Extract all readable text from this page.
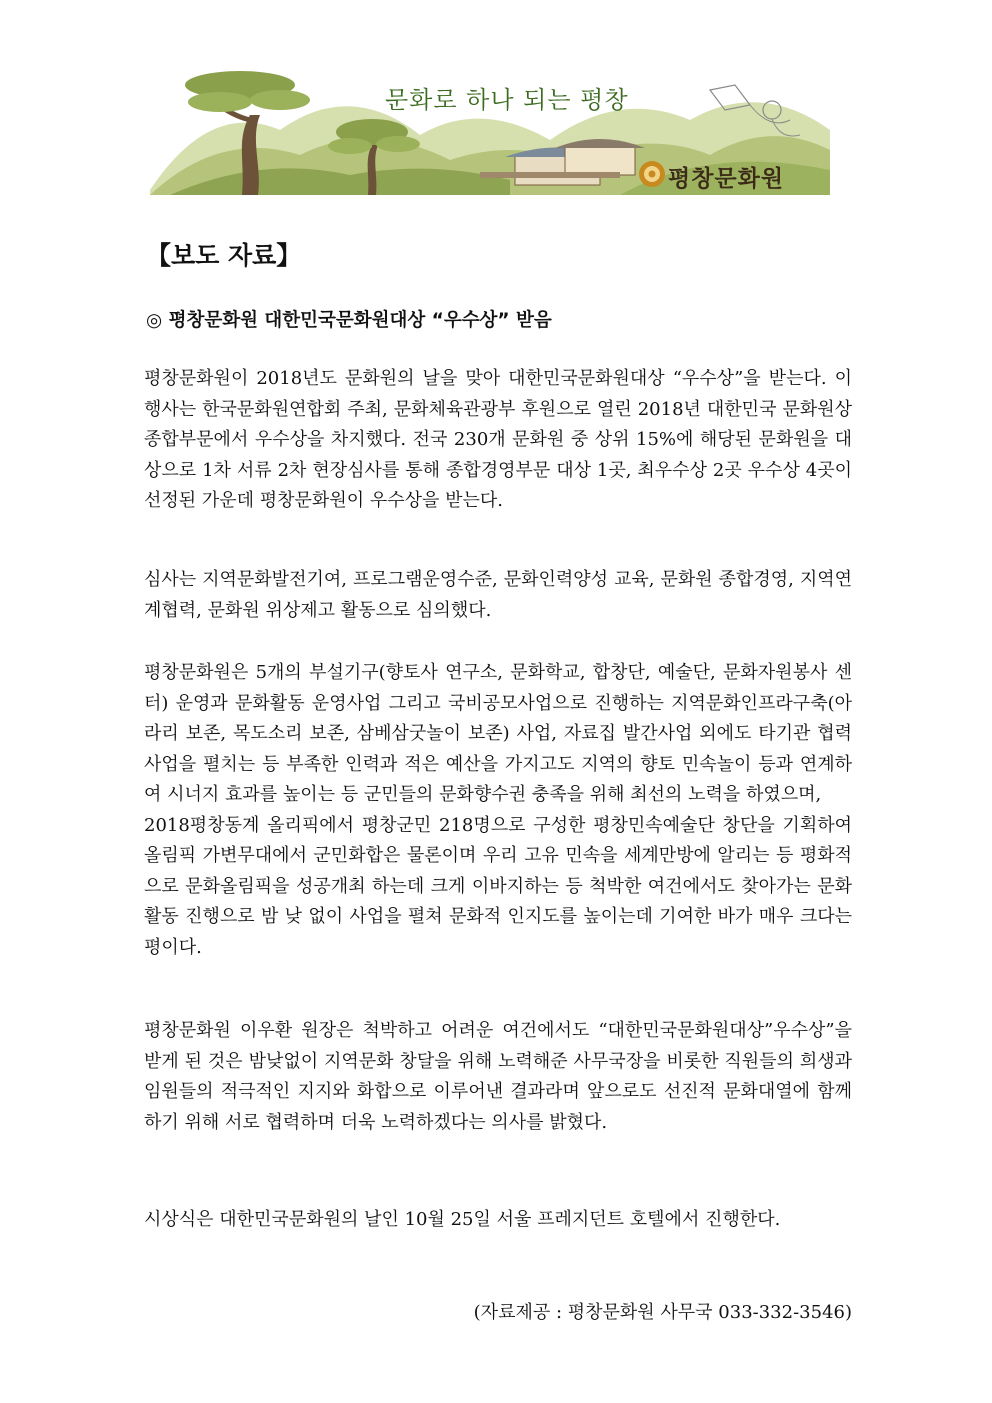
문화로 하나 되는 평창
평창문화원
【보도 자료】
◎ 평창문화원 대한민국문화원대상 “우수상” 받음

평창문화원이 2018년도 문화원의 날을 맞아 대한민국문화원대상 “우수상”을 받는다. 이 행사는 한국문화원연합회 주최, 문화체육관광부 후원으로 열린 2018년 대한민국 문화원상 종합부문에서 우수상을 차지했다. 전국 230개 문화원 중 상위 15%에 해당된 문화원을 대상으로 1차 서류 2차 현장심사를 통해 종합경영부문 대상 1곳, 최우수상 2곳 우수상 4곳이 선정된 가운데 평창문화원이 우수상을 받는다.

심사는 지역문화발전기여, 프로그램운영수준, 문화인력양성 교육, 문화원 종합경영, 지역연계협력, 문화원 위상제고 활동으로 심의했다.

평창문화원은 5개의 부설기구(향토사 연구소, 문화학교, 합창단, 예술단, 문화자원봉사 센터) 운영과 문화활동 운영사업 그리고 국비공모사업으로 진행하는 지역문화인프라구축(아라리 보존, 목도소리 보존, 삼베삼굿놀이 보존) 사업, 자료집 발간사업 외에도 타기관 협력사업을 펼치는 등 부족한 인력과 적은 예산을 가지고도 지역의 향토 민속놀이 등과 연계하여 시너지 효과를 높이는 등 군민들의 문화향수권 충족을 위해 최선의 노력을 하였으며,

2018평창동계 올리픽에서 평창군민 218명으로 구성한 평창민속예술단 창단을 기획하여 올림픽 가변무대에서 군민화합은 물론이며 우리 고유 민속을 세계만방에 알리는 등 평화적으로 문화올림픽을 성공개최 하는데 크게 이바지하는 등 척박한 여건에서도 찾아가는 문화활동 진행으로 밤 낮 없이 사업을 펼쳐 문화적 인지도를 높이는데 기여한 바가 매우 크다는 평이다.

평창문화원 이우환 원장은 척박하고 어려운 여건에서도 “대한민국문화원대상”우수상”을 받게 된 것은 밤낮없이 지역문화 창달을 위해 노력해준 사무국장을 비롯한 직원들의 희생과 임원들의 적극적인 지지와 화합으로 이루어낸 결과라며 앞으로도 선진적 문화대열에 함께하기 위해 서로 협력하며 더욱 노력하겠다는 의사를 밝혔다.

시상식은 대한민국문화원의 날인 10월 25일 서울 프레지던트 호텔에서 진행한다.

(자료제공 : 평창문화원 사무국 033-332-3546)
